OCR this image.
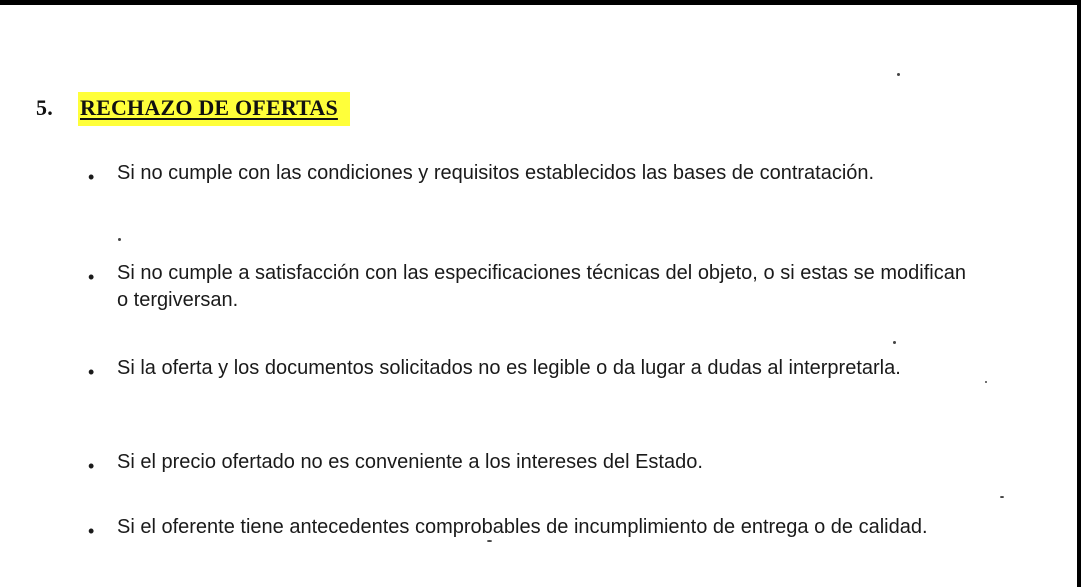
5. RECHAZO DE OFERTAS
• Si no cumple con las condiciones y requisitos establecidos las bases de contratación.
• Si no cumple a satisfacción con las especificaciones técnicas del objeto, o si estas se modifican o tergiversan.
• Si la oferta y los documentos solicitados no es legible o da lugar a dudas al interpretarla.
• Si el precio ofertado no es conveniente a los intereses del Estado.
• Si el oferente tiene antecedentes comprobables de incumplimiento de entrega o de calidad.
